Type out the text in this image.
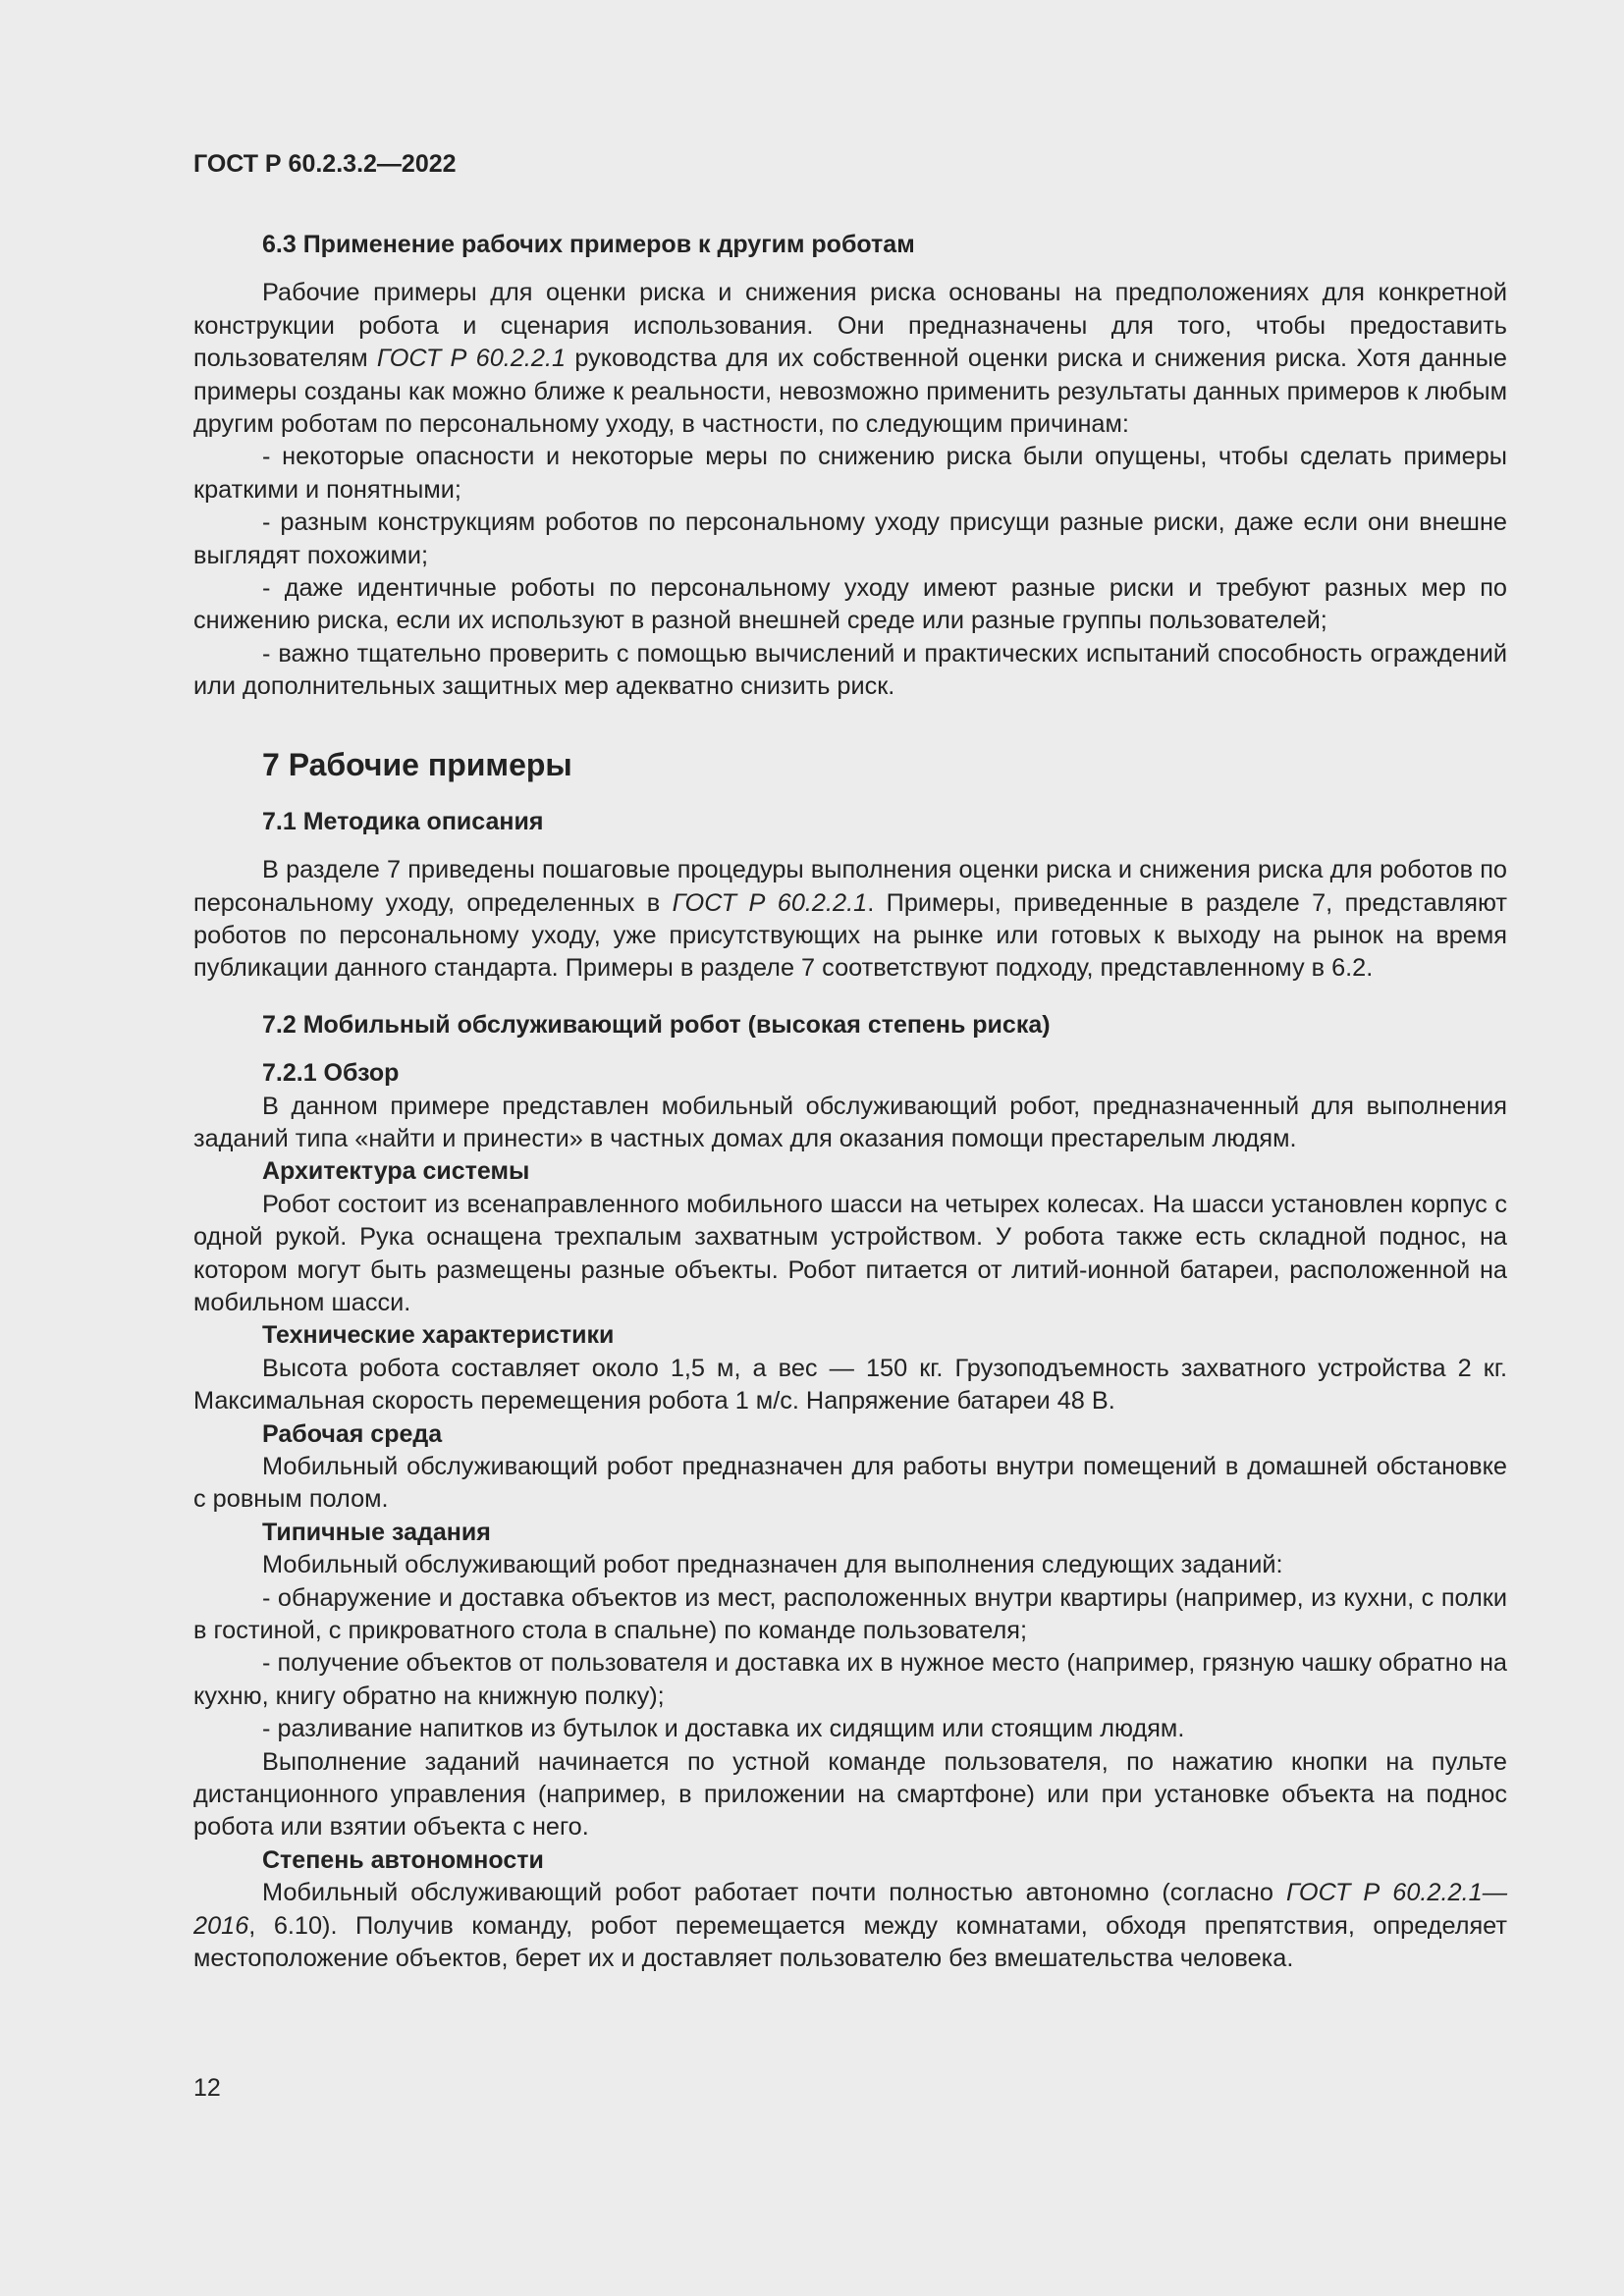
ГОСТ Р 60.2.3.2—2022
6.3 Применение рабочих примеров к другим роботам

Рабочие примеры для оценки риска и снижения риска основаны на предположениях для конкретной конструкции робота и сценария использования. Они предназначены для того, чтобы предоставить пользователям ГОСТ Р 60.2.2.1 руководства для их собственной оценки риска и снижения риска. Хотя данные примеры созданы как можно ближе к реальности, невозможно применить результаты данных примеров к любым другим роботам по персональному уходу, в частности, по следующим причинам:

- некоторые опасности и некоторые меры по снижению риска были опущены, чтобы сделать примеры краткими и понятными;

- разным конструкциям роботов по персональному уходу присущи разные риски, даже если они внешне выглядят похожими;

- даже идентичные роботы по персональному уходу имеют разные риски и требуют разных мер по снижению риска, если их используют в разной внешней среде или разные группы пользователей;

- важно тщательно проверить с помощью вычислений и практических испытаний способность ограждений или дополнительных защитных мер адекватно снизить риск.

7 Рабочие примеры
7.1 Методика описания

В разделе 7 приведены пошаговые процедуры выполнения оценки риска и снижения риска для роботов по персональному уходу, определенных в ГОСТ Р 60.2.2.1. Примеры, приведенные в разделе 7, представляют роботов по персональному уходу, уже присутствующих на рынке или готовых к выходу на рынок на время публикации данного стандарта. Примеры в разделе 7 соответствуют подходу, представленному в 6.2.

7.2 Мобильный обслуживающий робот (высокая степень риска)
7.2.1 Обзор

В данном примере представлен мобильный обслуживающий робот, предназначенный для выполнения заданий типа «найти и принести» в частных домах для оказания помощи престарелым людям.

Архитектура системы

Робот состоит из всенаправленного мобильного шасси на четырех колесах. На шасси установлен корпус с одной рукой. Рука оснащена трехпалым захватным устройством. У робота также есть складной поднос, на котором могут быть размещены разные объекты. Робот питается от литий-ионной батареи, расположенной на мобильном шасси.

Технические характеристики

Высота робота составляет около 1,5 м, а вес — 150 кг. Грузоподъемность захватного устройства 2 кг. Максимальная скорость перемещения робота 1 м/с. Напряжение батареи 48 В.

Рабочая среда

Мобильный обслуживающий робот предназначен для работы внутри помещений в домашней обстановке с ровным полом.

Типичные задания

Мобильный обслуживающий робот предназначен для выполнения следующих заданий:

- обнаружение и доставка объектов из мест, расположенных внутри квартиры (например, из кухни, с полки в гостиной, с прикроватного стола в спальне) по команде пользователя;

- получение объектов от пользователя и доставка их в нужное место (например, грязную чашку обратно на кухню, книгу обратно на книжную полку);

- разливание напитков из бутылок и доставка их сидящим или стоящим людям.

Выполнение заданий начинается по устной команде пользователя, по нажатию кнопки на пульте дистанционного управления (например, в приложении на смартфоне) или при установке объекта на поднос робота или взятии объекта с него.

Степень автономности

Мобильный обслуживающий робот работает почти полностью автономно (согласно ГОСТ Р 60.2.2.1—2016, 6.10). Получив команду, робот перемещается между комнатами, обходя препятствия, определяет местоположение объектов, берет их и доставляет пользователю без вмешательства человека.

12
